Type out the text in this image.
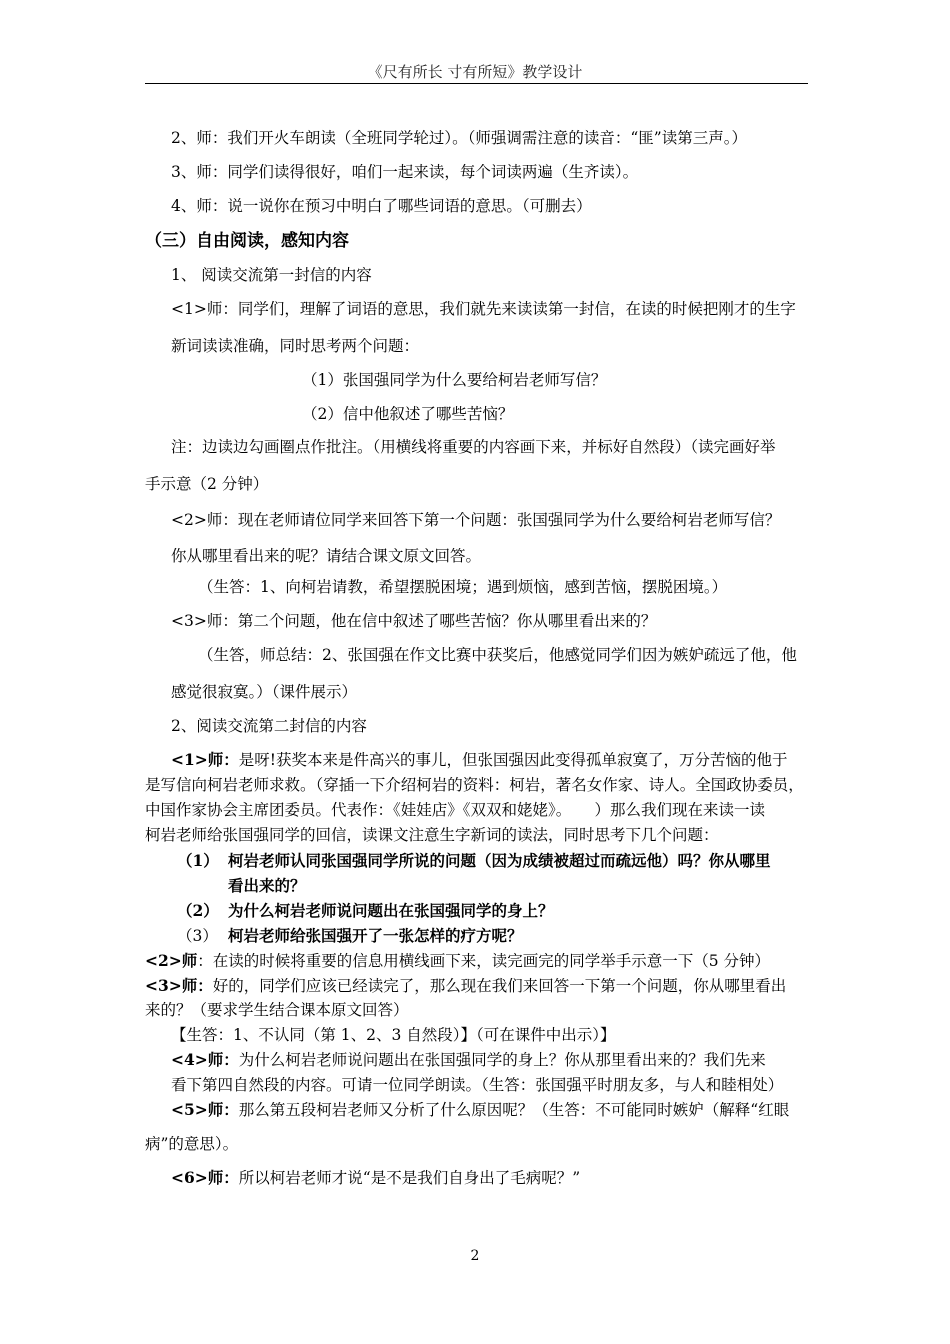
《尺有所长 寸有所短》教学设计
2、师：我们开火车朗读（全班同学轮过）。（师强调需注意的读音：“匪”读第三声。）
3、师：同学们读得很好，咱们一起来读，每个词读两遍（生齐读）。
4、师：说一说你在预习中明白了哪些词语的意思。（可删去）
（三）自由阅读，感知内容
1、 阅读交流第一封信的内容
<1>师：同学们，理解了词语的意思，我们就先来读读第一封信，在读的时候把刚才的生字
新词读读准确，同时思考两个问题：
（1）张国强同学为什么要给柯岩老师写信？
（2）信中他叙述了哪些苦恼？
注：边读边勾画圈点作批注。（用横线将重要的内容画下来，并标好自然段）（读完画好举
手示意（2 分钟）
<2>师：现在老师请位同学来回答下第一个问题：张国强同学为什么要给柯岩老师写信？
你从哪里看出来的呢？请结合课文原文回答。
（生答：1、向柯岩请教，希望摆脱困境；遇到烦恼，感到苦恼，摆脱困境。）
<3>师：第二个问题，他在信中叙述了哪些苦恼？你从哪里看出来的？
（生答，师总结：2、张国强在作文比赛中获奖后，他感觉同学们因为嫉妒疏远了他，他
感觉很寂寞。）（课件展示）
2、阅读交流第二封信的内容
<1>师：是呀!获奖本来是件高兴的事儿，但张国强因此变得孤单寂寞了，万分苦恼的他于
是写信向柯岩老师求救。（穿插一下介绍柯岩的资料：柯岩，著名女作家、诗人。全国政协委员，
中国作家协会主席团委员。代表作：《娃娃店》《双双和姥姥》。　　）那么我们现在来读一读
柯岩老师给张国强同学的回信，读课文注意生字新词的读法，同时思考下几个问题：
（1） 柯岩老师认同张国强同学所说的问题（因为成绩被超过而疏远他）吗？你从哪里
看出来的？
（2） 为什么柯岩老师说问题出在张国强同学的身上？
（3） 柯岩老师给张国强开了一张怎样的疗方呢？
<2>师：在读的时候将重要的信息用横线画下来，读完画完的同学举手示意一下（5 分钟）
<3>师：好的，同学们应该已经读完了，那么现在我们来回答一下第一个问题，你从哪里看出
来的？（要求学生结合课本原文回答）
【生答：1、不认同（第 1、2、3 自然段）】（可在课件中出示）】
<4>师：为什么柯岩老师说问题出在张国强同学的身上？你从那里看出来的？我们先来
看下第四自然段的内容。可请一位同学朗读。（生答：张国强平时朋友多，与人和睦相处）
<5>师：那么第五段柯岩老师又分析了什么原因呢？（生答：不可能同时嫉妒（解释“红眼
病”的意思）。
<6>师：所以柯岩老师才说“是不是我们自身出了毛病呢？”
2
